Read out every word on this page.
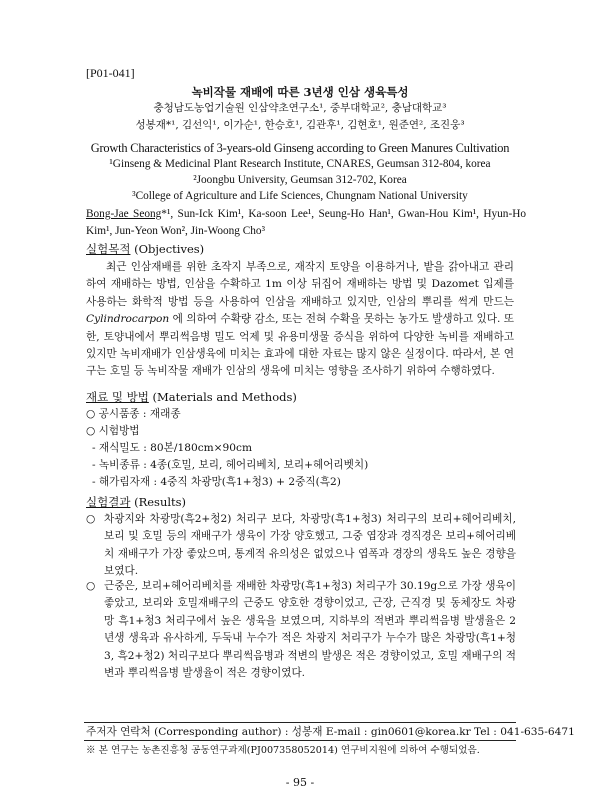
[P01-041]
녹비작물 재배에 따른 3년생 인삼 생육특성
충청남도농업기술원 인삼약초연구소¹, 중부대학교², 충남대학교³
성봉재*¹, 김선익¹, 이가순¹, 한승호¹, 김관후¹, 김현호¹, 원준연², 조진웅³
Growth Characteristics of 3-years-old Ginseng according to Green Manures Cultivation
¹Ginseng & Medicinal Plant Research Institute, CNARES, Geumsan 312-804, korea
²Joongbu University, Geumsan 312-702, Korea
³College of Agriculture and Life Sciences, Chungnam National University
Bong-Jae Seong*¹, Sun-Ick Kim¹, Ka-soon Lee¹, Seung-Ho Han¹, Gwan-Hou Kim¹, Hyun-Ho Kim¹, Jun-Yeon Won², Jin-Woong Cho³
실험목적 (Objectives)

최근 인삼재배를 위한 초작지 부족으로, 재작지 토양을 이용하거나, 밭을 갉아내고 관리하여 재배하는 방법, 인삼을 수확하고 1m 이상 뒤집어 재배하는 방법 및 Dazomet 입제를 사용하는 화학적 방법 등을 사용하여 인삼을 재배하고 있지만, 인삼의 뿌리를 썩게 만드는 Cylindrocarpon 에 의하여 수확량 감소, 또는 전혀 수확을 못하는 농가도 발생하고 있다. 또한, 토양내에서 뿌리썩음병 밀도 억제 및 유용미생물 증식을 위하여 다양한 녹비를 재배하고 있지만 녹비재배가 인삼생육에 미치는 효과에 대한 자료는 많지 않은 실정이다. 따라서, 본 연구는 호밀 등 녹비작물 재배가 인삼의 생육에 미치는 영향을 조사하기 위하여 수행하였다.

재료 및 방법 (Materials and Methods)
○ 공시품종 : 재래종
○ 시험방법
- 재식밀도 : 80본/180cm×90cm
- 녹비종류 : 4종(호밀, 보리, 헤어리베치, 보리+헤어리벳치)
- 해가림자재 : 4중직 차광망(흑1+청3) + 2중직(흑2)
실험결과 (Results)
○ 차광지와 차광망(흑2+청2) 처리구 보다, 차광망(흑1+청3) 처리구의 보리+헤어리베치, 보리 및 호밀 등의 재배구가 생육이 가장 양호했고, 그중 엽장과 경직경은 보리+헤어리베치 재배구가 가장 좋았으며, 통계적 유의성은 없었으나 엽폭과 경장의 생육도 높은 경향을 보였다.
○ 근중은, 보리+헤어리베치를 재배한 차광망(흑1+청3) 처리구가 30.19g으로 가장 생육이 좋았고, 보리와 호밀재배구의 근중도 양호한 경향이었고, 근장, 근직경 및 동체장도 차광망 흑1+청3 처리구에서 높은 생육을 보였으며, 지하부의 적변과 뿌리썩음병 발생율은 2년생 생육과 유사하게, 두둑내 누수가 적은 차광지 처리구가 누수가 많은 차광망(흑1+청3, 흑2+청2) 처리구보다 뿌리썩음병과 적변의 발생은 적은 경향이었고, 호밀 재배구의 적변과 뿌리썩음병 발생율이 적은 경향이였다.
주저자 연락처 (Corresponding author) : 성봉재 E-mail : gin0601@korea.kr Tel : 041-635-6471
※ 본 연구는 농촌진흥청 공동연구과제(PJ007358052014) 연구비지원에 의하여 수행되었음.
- 95 -
